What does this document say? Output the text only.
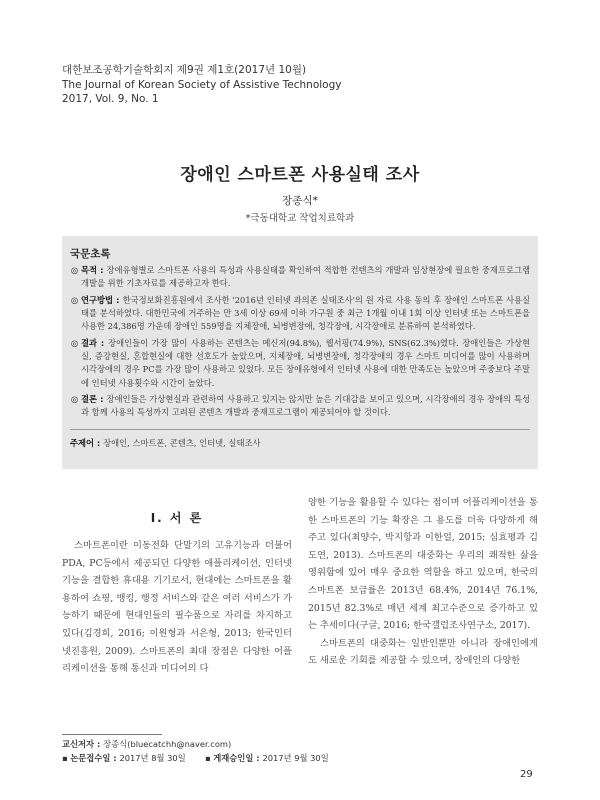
대한보조공학기술학회지 제9권 제1호(2017년 10월)
The Journal of Korean Society of Assistive Technology
2017, Vol. 9, No. 1
장애인 스마트폰 사용실태 조사
장종식*
*극동대학교 작업치료학과
국문초록
◎ 목적 : 장애유형별로 스마트폰 사용의 특성과 사용실태를 확인하여 적합한 컨텐츠의 개발과 임상현장에 필요한 중재프로그램 개발을 위한 기초자료를 제공하고자 한다.
◎ 연구방법 : 한국정보화진흥원에서 조사한 '2016년 인터넷 과의존 실태조사'의 원 자료 사용 동의 후 장애인 스마트폰 사용실태를 분석하였다. 대한민국에 거주하는 만 3세 이상 69세 이하 가구원 중 최근 1개월 이내 1회 이상 인터넷 또는 스마트폰을 사용한 24,386명 가운데 장애인 559명을 지체장애, 뇌병변장애, 청각장애, 시각장애로 분류하여 분석하였다.
◎ 결과 : 장애인들이 가장 많이 사용하는 콘텐츠는 메신저(94.8%), 웹서핑(74.9%), SNS(62.3%)였다. 장애인들은 가상현실, 증강현실, 혼합현실에 대한 선호도가 높았으며, 지체장애, 뇌병변장애, 청각장애의 경우 스마트 미디어를 많이 사용하며 시각장애의 경우 PC를 가장 많이 사용하고 있었다. 모든 장애유형에서 인터넷 사용에 대한 만족도는 높았으며 주중보다 주말에 인터넷 사용횟수와 시간이 높았다.
◎ 결론 : 장애인들은 가상현실과 관련하여 사용하고 있지는 않지만 높은 기대감을 보이고 있으며, 시각장애의 경우 장애의 특성과 함께 사용의 특성까지 고려된 콘텐츠 개발과 중재프로그램이 제공되어야 할 것이다.
주제어 : 장애인, 스마트폰, 콘텐츠, 인터넷, 실태조사
I. 서 론

스마트폰이란 이동전화 단말기의 고유기능과 더불어 PDA, PC등에서 제공되던 다양한 애플리케이션, 인터넷 기능을 결합한 휴대용 기기로서, 현대에는 스마트폰을 활용하여 쇼핑, 뱅킹, 행정 서비스와 같은 여러 서비스가 가능하기 때문에 현대인들의 필수품으로 자리를 차지하고 있다(김경희, 2016; 이원형과 서은형, 2013; 한국인터넷진흥원, 2009). 스마트폰의 최대 장점은 다양한 어플리케이션을 통해 통신과 미디어의 다

양한 기능을 활용할 수 있다는 점이며 어플리케이션을 통한 스마트폰의 기능 확장은 그 용도를 더욱 다양하게 해 주고 있다(최양수, 박지항과 이한얼, 2015; 심효평과 김도연, 2013). 스마트폰의 대중화는 우리의 쾌적한 삶을 영위함에 있어 매우 중요한 역할을 하고 있으며, 한국의 스마트폰 보급률은 2013년 68.4%, 2014년 76.1%, 2015년 82.3%로 매년 세계 최고수준으로 증가하고 있는 추세이다(구글, 2016; 한국갤럽조사연구소, 2017).

스마트폰의 대중화는 일반인뿐만 아니라 장애인에게도 새로운 기회를 제공할 수 있으며, 장애인의 다양한

교신저자 : 장종식(bluecatchh@naver.com)
▪ 논문접수일 : 2017년 8월 30일 ▪ 게재승인일 : 2017년 9월 30일
29
